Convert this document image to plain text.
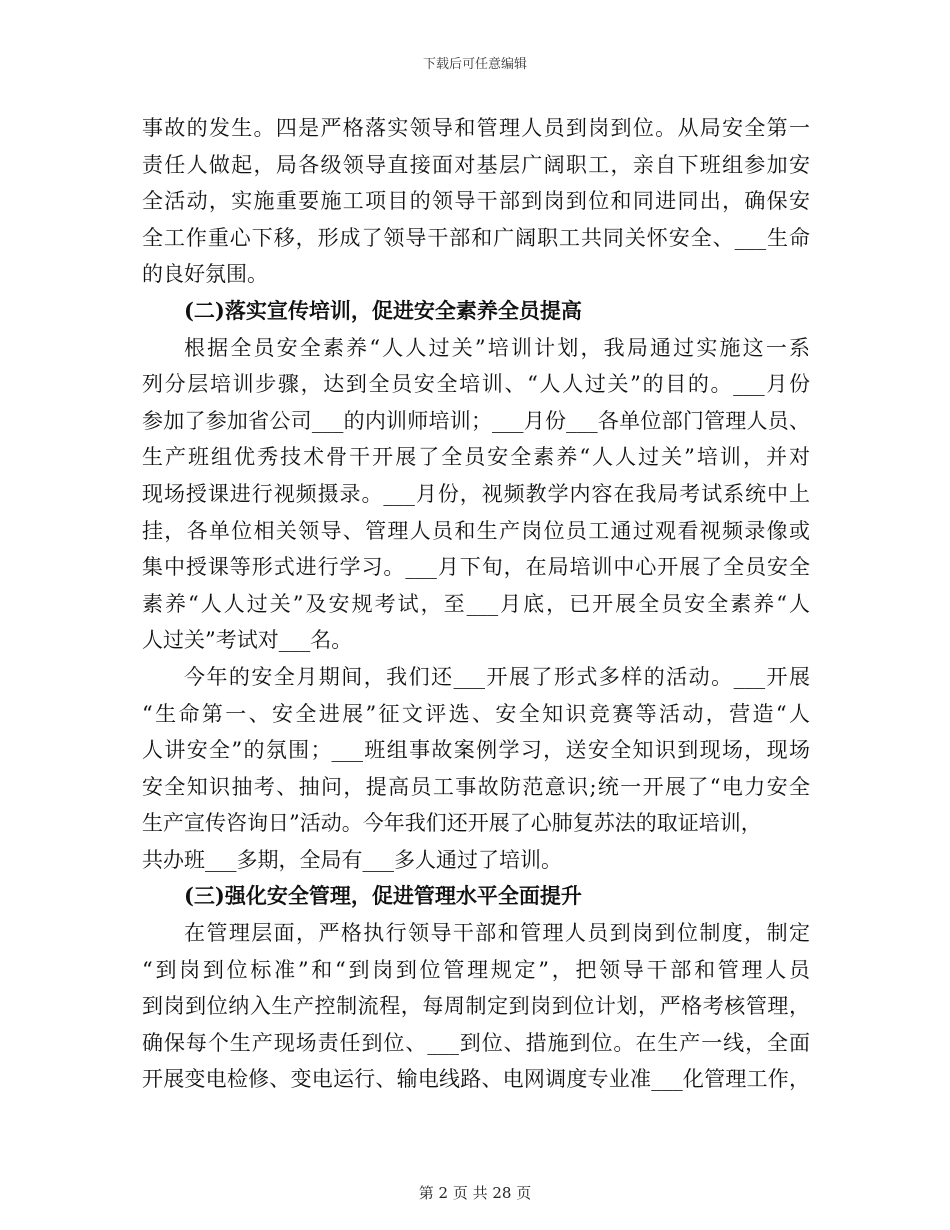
下载后可任意编辑
事故的发生。四是严格落实领导和管理人员到岗到位。从局安全第一
责任人做起，局各级领导直接面对基层广阔职工，亲自下班组参加安
全活动，实施重要施工项目的领导干部到岗到位和同进同出，确保安
全工作重心下移，形成了领导干部和广阔职工共同关怀安全、___生命
的良好氛围。
(二)落实宣传培训，促进安全素养全员提高
根据全员安全素养“人人过关”培训计划，我局通过实施这一系
列分层培训步骤，达到全员安全培训、“人人过关”的目的。___月份
参加了参加省公司___的内训师培训；___月份___各单位部门管理人员、
生产班组优秀技术骨干开展了全员安全素养“人人过关”培训，并对
现场授课进行视频摄录。___月份，视频教学内容在我局考试系统中上
挂，各单位相关领导、管理人员和生产岗位员工通过观看视频录像或
集中授课等形式进行学习。___月下旬，在局培训中心开展了全员安全
素养“人人过关”及安规考试，至___月底，已开展全员安全素养“人
人过关”考试对___名。
今年的安全月期间，我们还___开展了形式多样的活动。___开展
“生命第一、安全进展”征文评选、安全知识竞赛等活动，营造“人
人讲安全”的氛围；___班组事故案例学习，送安全知识到现场，现场
安全知识抽考、抽问，提高员工事故防范意识;统一开展了“电力安全
生产宣传咨询日”活动。今年我们还开展了心肺复苏法的取证培训，
共办班___多期，全局有___多人通过了培训。
(三)强化安全管理，促进管理水平全面提升
在管理层面，严格执行领导干部和管理人员到岗到位制度，制定
“到岗到位标准”和“到岗到位管理规定”，把领导干部和管理人员
到岗到位纳入生产控制流程，每周制定到岗到位计划，严格考核管理，
确保每个生产现场责任到位、___到位、措施到位。在生产一线，全面
开展变电检修、变电运行、输电线路、电网调度专业准___化管理工作，
第 2 页 共 28 页
